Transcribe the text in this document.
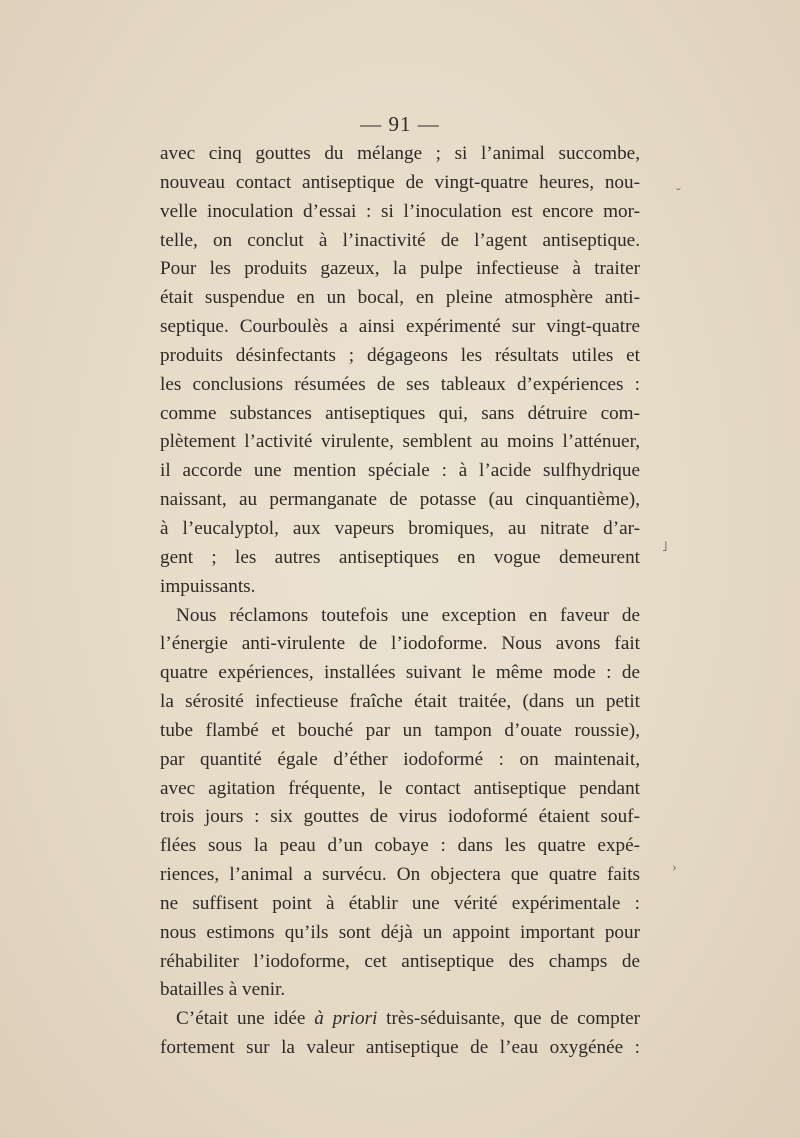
— 91 —
avec cinq gouttes du mélange ; si l’animal succombe,
nouveau contact antiseptique de vingt-quatre heures, nou-
velle inoculation d’essai : si l’inoculation est encore mor-
telle, on conclut à l’inactivité de l’agent antiseptique.
Pour les produits gazeux, la pulpe infectieuse à traiter
était suspendue en un bocal, en pleine atmosphère anti-
septique. Courboulès a ainsi expérimenté sur vingt-quatre
produits désinfectants ; dégageons les résultats utiles et
les conclusions résumées de ses tableaux d’expériences :
comme substances antiseptiques qui, sans détruire com-
plètement l’activité virulente, semblent au moins l’atténuer,
il accorde une mention spéciale : à l’acide sulfhydrique
naissant, au permanganate de potasse (au cinquantième),
à l’eucalyptol, aux vapeurs bromiques, au nitrate d’ar-
gent ; les autres antiseptiques en vogue demeurent
impuissants.
Nous réclamons toutefois une exception en faveur de
l’énergie anti-virulente de l’iodoforme. Nous avons fait
quatre expériences, installées suivant le même mode : de
la sérosité infectieuse fraîche était traitée, (dans un petit
tube flambé et bouché par un tampon d’ouate roussie),
par quantité égale d’éther iodoformé : on maintenait,
avec agitation fréquente, le contact antiseptique pendant
trois jours : six gouttes de virus iodoformé étaient souf-
flées sous la peau d’un cobaye : dans les quatre expé-
riences, l’animal a survécu. On objectera que quatre faits
ne suffisent point à établir une vérité expérimentale :
nous estimons qu’ils sont déjà un appoint important pour
réhabiliter l’iodoforme, cet antiseptique des champs de
batailles à venir.
C’était une idée à priori très-séduisante, que de compter
fortement sur la valeur antiseptique de l’eau oxygénée :
ˬ
˩
›
